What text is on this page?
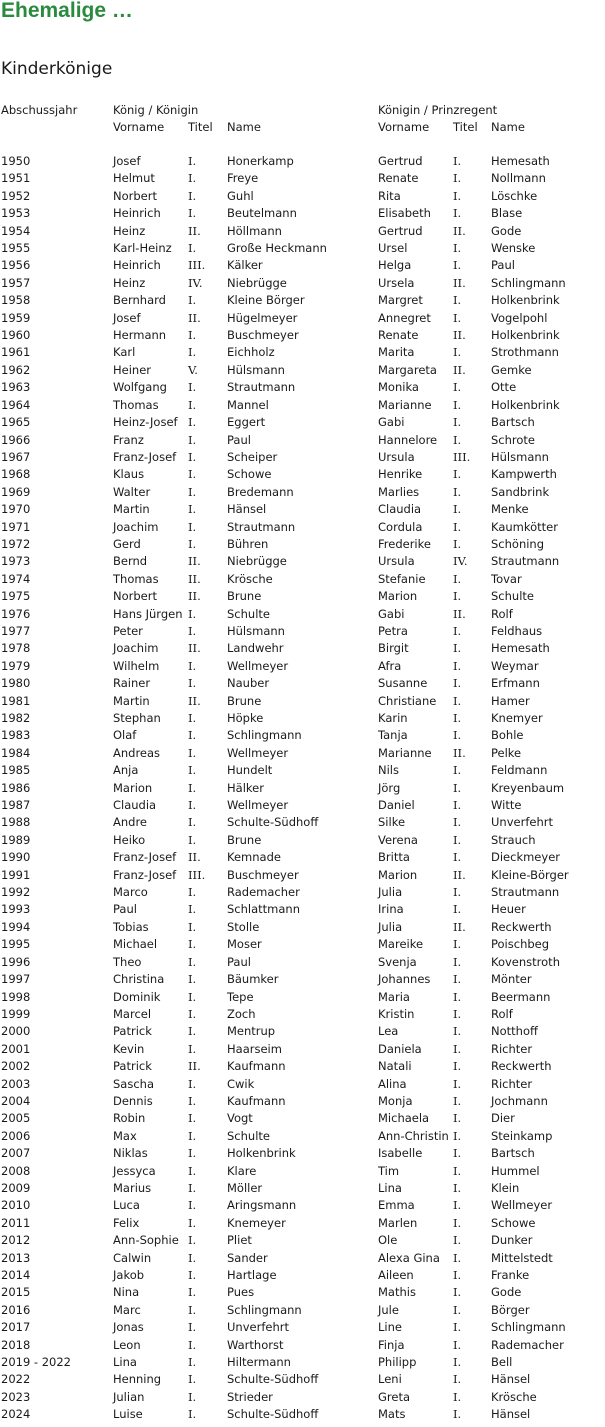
Ehemalige …
Kinderkönige
Abschussjahr	König / Königin	Königin / Prinzregent
Vorname Titel Name	Vorname Titel Name
1950	Josef	I.	Honerkamp	Gertrud	I.	Hemesath
1951	Helmut	I.	Freye	Renate	I.	Nollmann
1952	Norbert	I.	Guhl	Rita	I.	Löschke
1953	Heinrich I.	Beutelmann	Elisabeth I.	Blase
1954	Heinz	II. Höllmann	Gertrud	II. Gode
1955	Karl-Heinz I.	Große Heckmann	Ursel	I.	Wenske
1956	Heinrich III. Kälker	Helga	I.	Paul
1957	Heinz	IV. Niebrügge	Ursela	II. Schlingmann
1958	Bernhard I.	Kleine Börger	Margret	I.	Holkenbrink
1959	Josef	II. Hügelmeyer	Annegret I.	Vogelpohl
1960	Hermann I.	Buschmeyer	Renate	II. Holkenbrink
1961	Karl	I.	Eichholz	Marita	I.	Strothmann
1962	Heiner	V.	Hülsmann	Margareta II. Gemke
1963	Wolfgang I.	Strautmann	Monika	I.	Otte
1964	Thomas	I.	Mannel	Marianne I.	Holkenbrink
1965	Heinz-Josef I.	Eggert	Gabi	I.	Bartsch
1966	Franz	I.	Paul	Hannelore I.	Schrote
1967	Franz-Josef I.	Scheiper	Ursula	III. Hülsmann
1968	Klaus	I.	Schowe	Henrike	I.	Kampwerth
1969	Walter	I.	Bredemann	Marlies	I.	Sandbrink
1970	Martin	I.	Hänsel	Claudia	I.	Menke
1971	Joachim	I.	Strautmann	Cordula	I.	Kaumkötter
1972	Gerd	I.	Bühren	Frederike I.	Schöning
1973	Bernd	II. Niebrügge	Ursula	IV. Strautmann
1974	Thomas	II. Krösche	Stefanie I.	Tovar
1975	Norbert	II. Brune	Marion	I.	Schulte
1976	Hans Jürgen I.	Schulte	Gabi	II. Rolf
1977	Peter	I.	Hülsmann	Petra	I.	Feldhaus
1978	Joachim	II. Landwehr	Birgit	I.	Hemesath
1979	Wilhelm I.	Wellmeyer	Afra	I.	Weymar
1980	Rainer	I.	Nauber	Susanne I.	Erfmann
1981	Martin	II. Brune	Christiane I.	Hamer
1982	Stephan I.	Höpke	Karin	I.	Knemyer
1983	Olaf	I.	Schlingmann	Tanja	I.	Bohle
1984	Andreas I.	Wellmeyer	Marianne II. Pelke
1985	Anja	I.	Hundelt	Nils	I.	Feldmann
1986	Marion	I.	Hälker	Jörg	I.	Kreyenbaum
1987	Claudia	I.	Wellmeyer	Daniel	I.	Witte
1988	Andre	I.	Schulte-Südhoff	Silke	I.	Unverfehrt
1989	Heiko	I.	Brune	Verena	I.	Strauch
1990	Franz-Josef II. Kemnade	Britta	I.	Dieckmeyer
1991	Franz-Josef III. Buschmeyer	Marion	II. Kleine-Börger
1992	Marco	I.	Rademacher	Julia	I.	Strautmann
1993	Paul	I.	Schlattmann	Irina	I.	Heuer
1994	Tobias	I.	Stolle	Julia	II. Reckwerth
1995	Michael	I.	Moser	Mareike	I.	Poischbeg
1996	Theo	I.	Paul	Svenja	I.	Kovenstroth
1997	Christina I.	Bäumker	Johannes I.	Mönter
1998	Dominik I.	Tepe	Maria	I.	Beermann
1999	Marcel	I.	Zoch	Kristin	I.	Rolf
2000	Patrick	I.	Mentrup	Lea	I.	Notthoff
2001	Kevin	I.	Haarseim	Daniela	I.	Richter
2002	Patrick	II. Kaufmann	Natali	I.	Reckwerth
2003	Sascha	I.	Cwik	Alina	I.	Richter
2004	Dennis	I.	Kaufmann	Monja	I.	Jochmann
2005	Robin	I.	Vogt	Michaela I.	Dier
2006	Max	I.	Schulte	Ann-Christin I.	Steinkamp
2007	Niklas	I.	Holkenbrink	Isabelle	I.	Bartsch
2008	Jessyca	I.	Klare	Tim	I.	Hummel
2009	Marius	I.	Möller	Lina	I.	Klein
2010	Luca	I.	Aringsmann	Emma	I.	Wellmeyer
2011	Felix	I.	Knemeyer	Marlen	I.	Schowe
2012	Ann-Sophie I.	Pliet	Ole	I.	Dunker
2013	Calwin	I.	Sander	Alexa Gina I.	Mittelstedt
2014	Jakob	I.	Hartlage	Aileen	I.	Franke
2015	Nina	I.	Pues	Mathis	I.	Gode
2016	Marc	I.	Schlingmann	Jule	I.	Börger
2017	Jonas	I.	Unverfehrt	Line	I.	Schlingmann
2018	Leon	I.	Warthorst	Finja	I.	Rademacher
2019 - 2022	Lina	I.	Hiltermann	Philipp	I.	Bell
2022	Henning I.	Schulte-Südhoff	Leni	I.	Hänsel
2023	Julian	I.	Strieder	Greta	I.	Krösche
2024	Luise	I.	Schulte-Südhoff	Mats	I.	Hänsel
